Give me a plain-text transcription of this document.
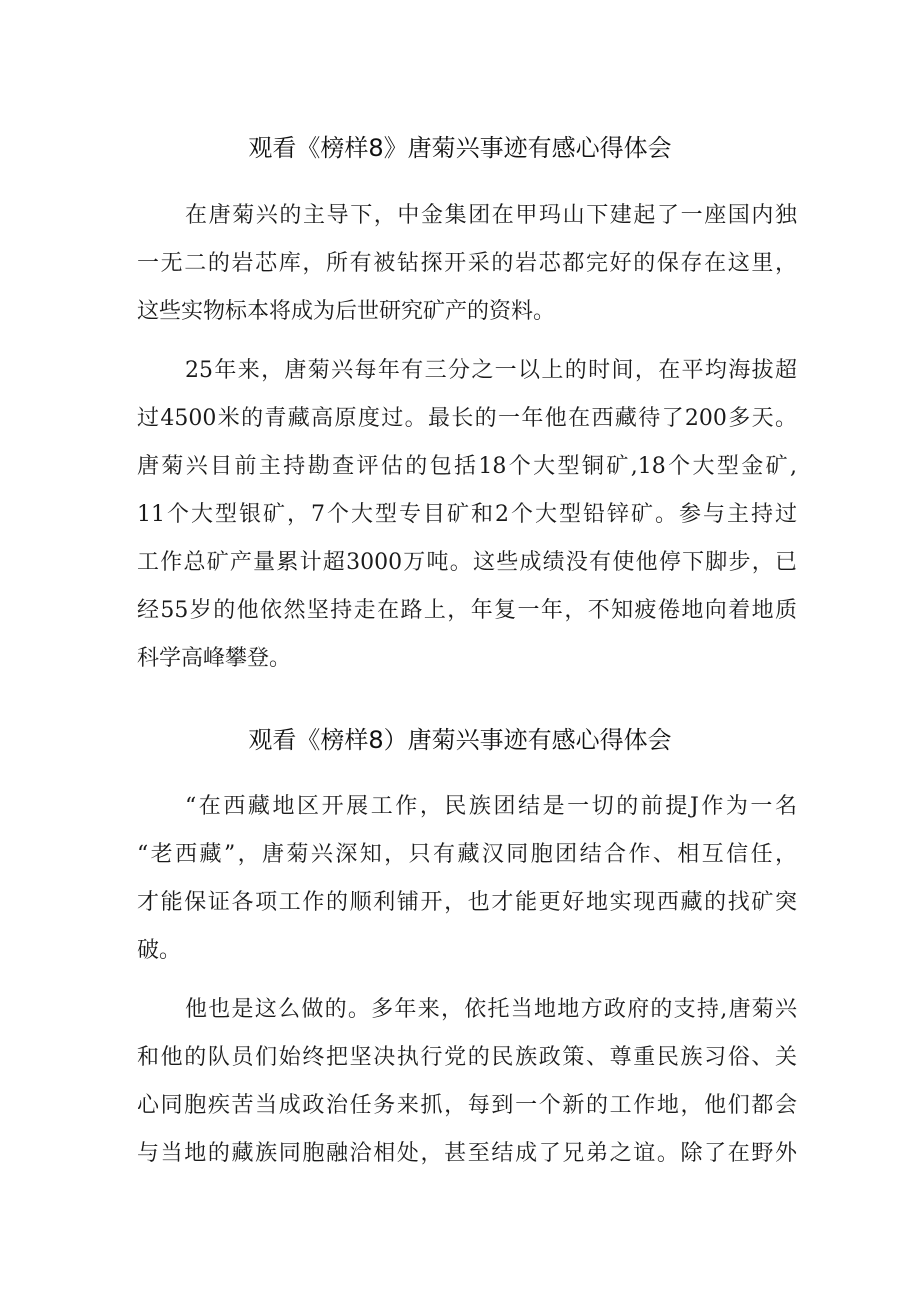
观看《榜样8》唐菊兴事迹有感心得体会
在唐菊兴的主导下，中金集团在甲玛山下建起了一座国内独
一无二的岩芯库，所有被钻探开采的岩芯都完好的保存在这里，
这些实物标本将成为后世研究矿产的资料。
25年来，唐菊兴每年有三分之一以上的时间，在平均海拔超
过4500米的青藏高原度过。最长的一年他在西藏待了200多天。
唐菊兴目前主持勘查评估的包括18个大型铜矿,18个大型金矿,
11个大型银矿，7个大型专目矿和2个大型铅锌矿。参与主持过
工作总矿产量累计超3000万吨。这些成绩没有使他停下脚步，已
经55岁的他依然坚持走在路上，年复一年，不知疲倦地向着地质
科学高峰攀登。
观看《榜样8）唐菊兴事迹有感心得体会
“在西藏地区开展工作，民族团结是一切的前提J作为一名
“老西藏”，唐菊兴深知，只有藏汉同胞团结合作、相互信任，
才能保证各项工作的顺利铺开，也才能更好地实现西藏的找矿突
破。
他也是这么做的。多年来，依托当地地方政府的支持,唐菊兴
和他的队员们始终把坚决执行党的民族政策、尊重民族习俗、关
心同胞疾苦当成政治任务来抓，每到一个新的工作地，他们都会
与当地的藏族同胞融洽相处，甚至结成了兄弟之谊。除了在野外
